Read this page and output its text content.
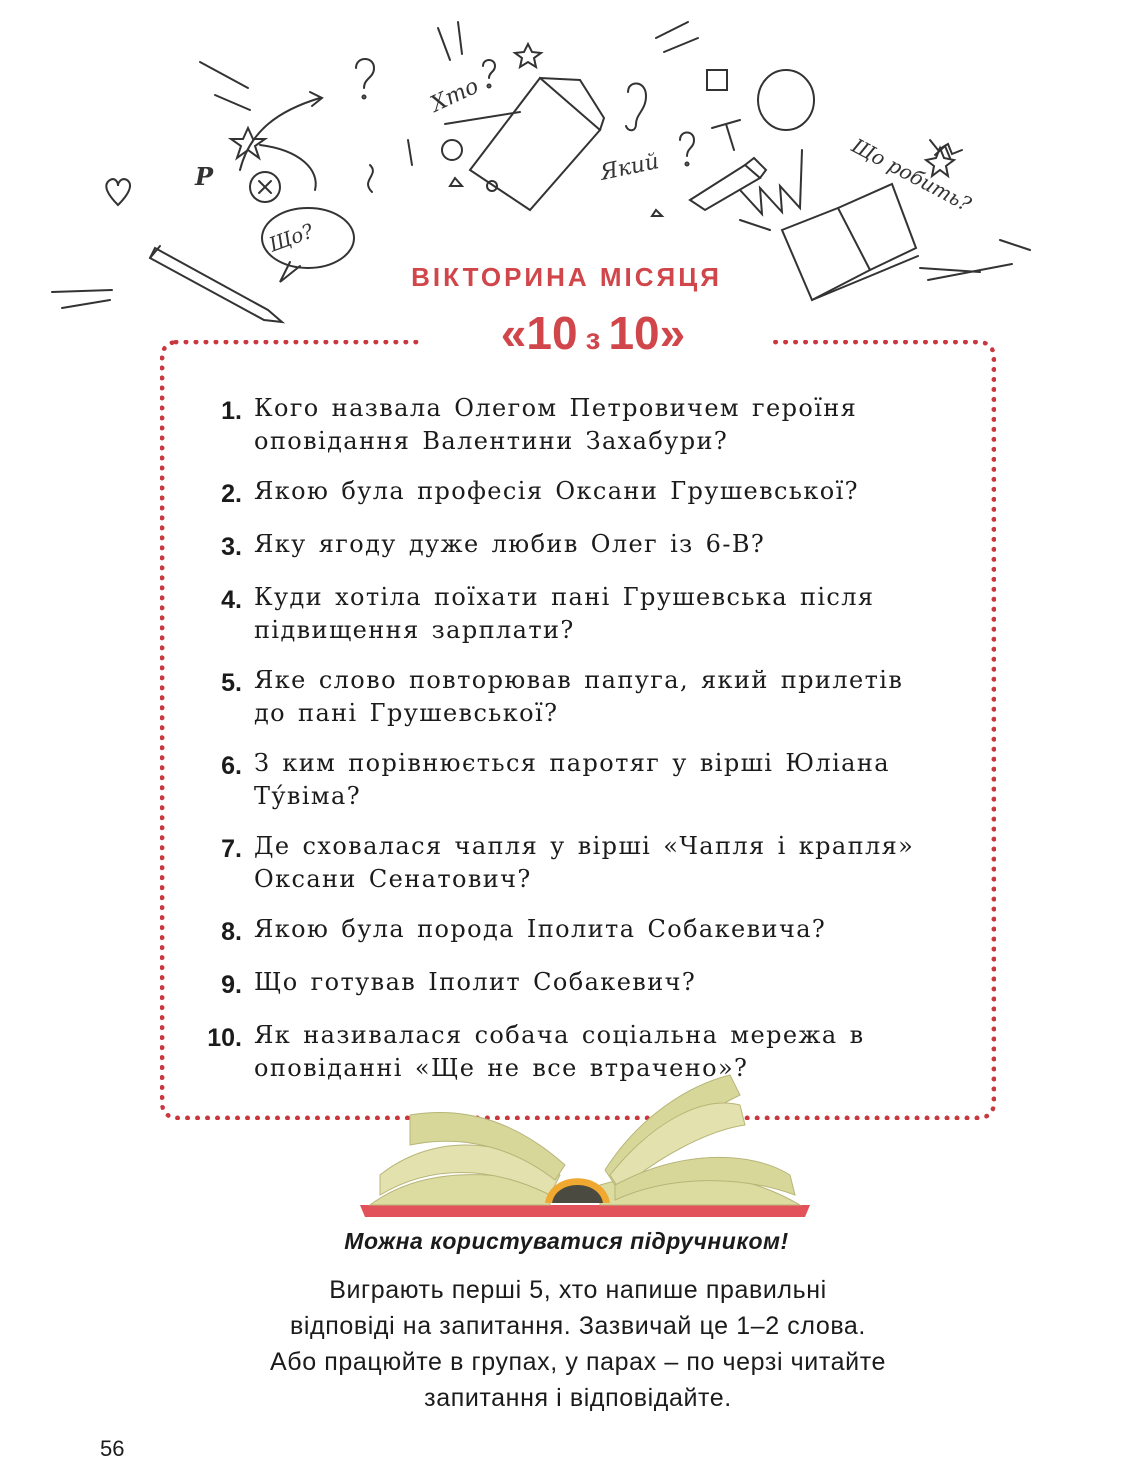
Хто
Який	Що робить?
Що?
P
ВІКТОРИНА МІСЯЦЯ
«10 з 10»
1. Кого назвала Олегом Петровичем героїня оповідання Валентини Захабури?
2. Якою була професія Оксани Грушевської?
3. Яку ягоду дуже любив Олег із 6-В?
4. Куди хотіла поїхати пані Грушевська після підвищення зарплати?
5. Яке слово повторював папуга, який прилетів до пані Грушевської?
6. З ким порівнюється паротяг у вірші Юліана Ту́віма?
7. Де сховалася чапля у вірші «Чапля і крапля» Оксани Сенатович?
8. Якою була порода Іполита Собакевича?
9. Що готував Іполит Собакевич?
10. Як називалася собача соціальна мережа в оповіданні «Ще не все втрачено»?
Можна користуватися підручником!
Виграють перші 5, хто напише правильні
відповіді на запитання. Зазвичай це 1–2 слова.
Або працюйте в групах, у парах – по черзі читайте
запитання і відповідайте.
56
